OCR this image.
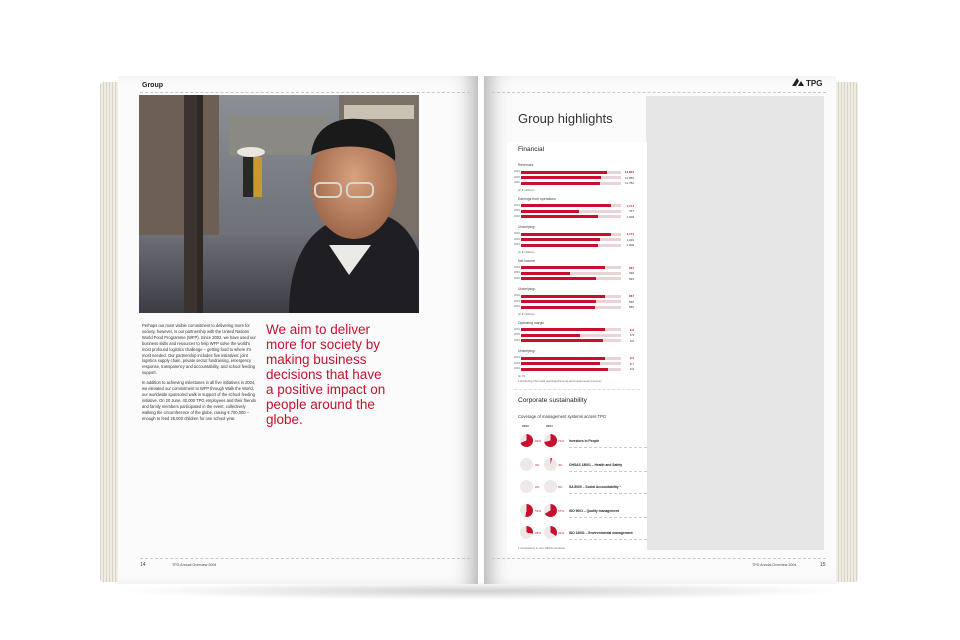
Group

Perhaps our most visible commitment to delivering more for society, however, is our partnership with the United Nations World Food Programme (WFP). Since 2002, we have used our business skills and resources to help WFP solve the world's most profound logistics challenge – getting food to where it's most needed. Our partnership includes five initiatives: joint logistics supply chain, private sector fundraising, emergency response, transparency and accountability, and school feeding support.

In addition to achieving milestones in all five initiatives in 2004, we elevated our commitment to WFP through Walk the World, our worldwide sponsored walk in support of the school feeding initiative. On 20 June, 40,000 TPG employees and their friends and family members participated in the event, collectively walking the circumference of the globe, raising € 700,000 – enough to feed 25,000 children for one school year.

We aim to deliver more for society by making business decisions that have a positive impact on people around the globe.
14	TPG Annual Overview 2004
TPG
Group highlights
Financial
Revenues
2004	12,823
2003	11,866
2002	11,782
(in € millions)
Earnings from operations
2004	1,174
2003	767
2002	1,008
Underlying¹
2004	1,174
2003	1,029
2002	1,008
(in € millions)
Net income
2004	667
2003	390
2002	594
Underlying¹
2004	667
2003	592
2002	585
(in € millions)
Operating margin
2004	9.2
2003	6.5
2002	9.0
Underlying¹
2004	9.2
2003	8.7
2002	9.6
(in %)
1 Excluding TGI costs (earnings/income) and impairments (income)
Corporate sustainability
Coverage of management systems across TPG
2003	2004
69%	71% Investors in People
0%	4% OHSAS 18001 – Health and Safety
0%	0% SA 8000 – Social Accountability ¹
53%	67% ISO 9001 – Quality management
28%	34% ISO 14001 – Environmental management
1 Compulsory in non-OECD countries
TPG Annual Overview 2004	15
